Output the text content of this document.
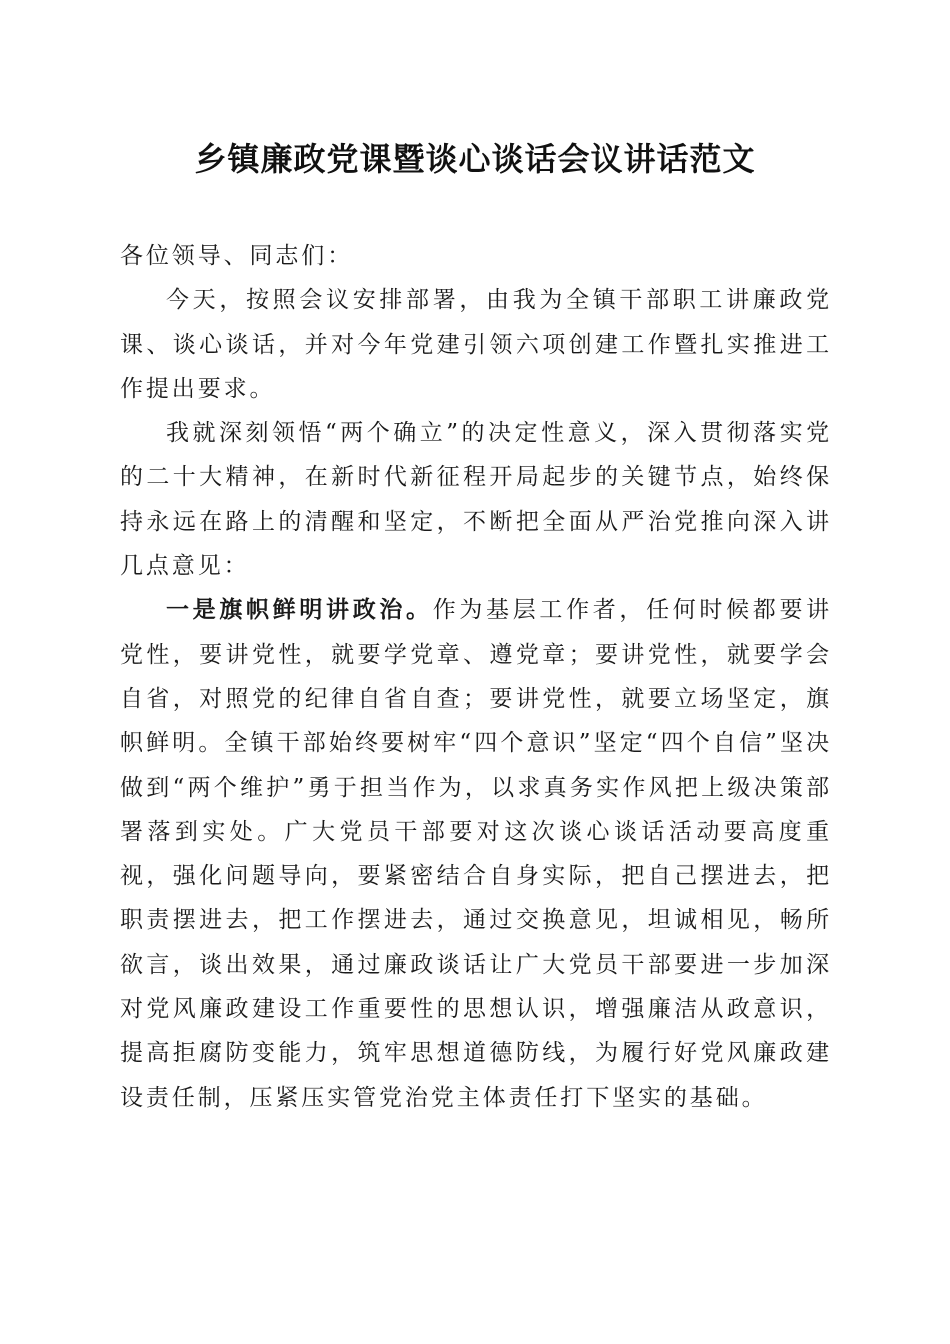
乡镇廉政党课暨谈心谈话会议讲话范文

各位领导、同志们：

今天，按照会议安排部署，由我为全镇干部职工讲廉政党课、谈心谈话，并对今年党建引领六项创建工作暨扎实推进工作提出要求。

我就深刻领悟“两个确立”的决定性意义，深入贯彻落实党的二十大精神，在新时代新征程开局起步的关键节点，始终保持永远在路上的清醒和坚定，不断把全面从严治党推向深入讲几点意见：

一是旗帜鲜明讲政治。作为基层工作者，任何时候都要讲党性，要讲党性，就要学党章、遵党章；要讲党性，就要学会自省，对照党的纪律自省自查；要讲党性，就要立场坚定，旗帜鲜明。全镇干部始终要树牢“四个意识”坚定“四个自信”坚决做到“两个维护”勇于担当作为，以求真务实作风把上级决策部署落到实处。广大党员干部要对这次谈心谈话活动要高度重视，强化问题导向，要紧密结合自身实际，把自己摆进去，把职责摆进去，把工作摆进去，通过交换意见，坦诚相见，畅所欲言，谈出效果，通过廉政谈话让广大党员干部要进一步加深对党风廉政建设工作重要性的思想认识，增强廉洁从政意识，提高拒腐防变能力，筑牢思想道德防线，为履行好党风廉政建设责任制，压紧压实管党治党主体责任打下坚实的基础。
